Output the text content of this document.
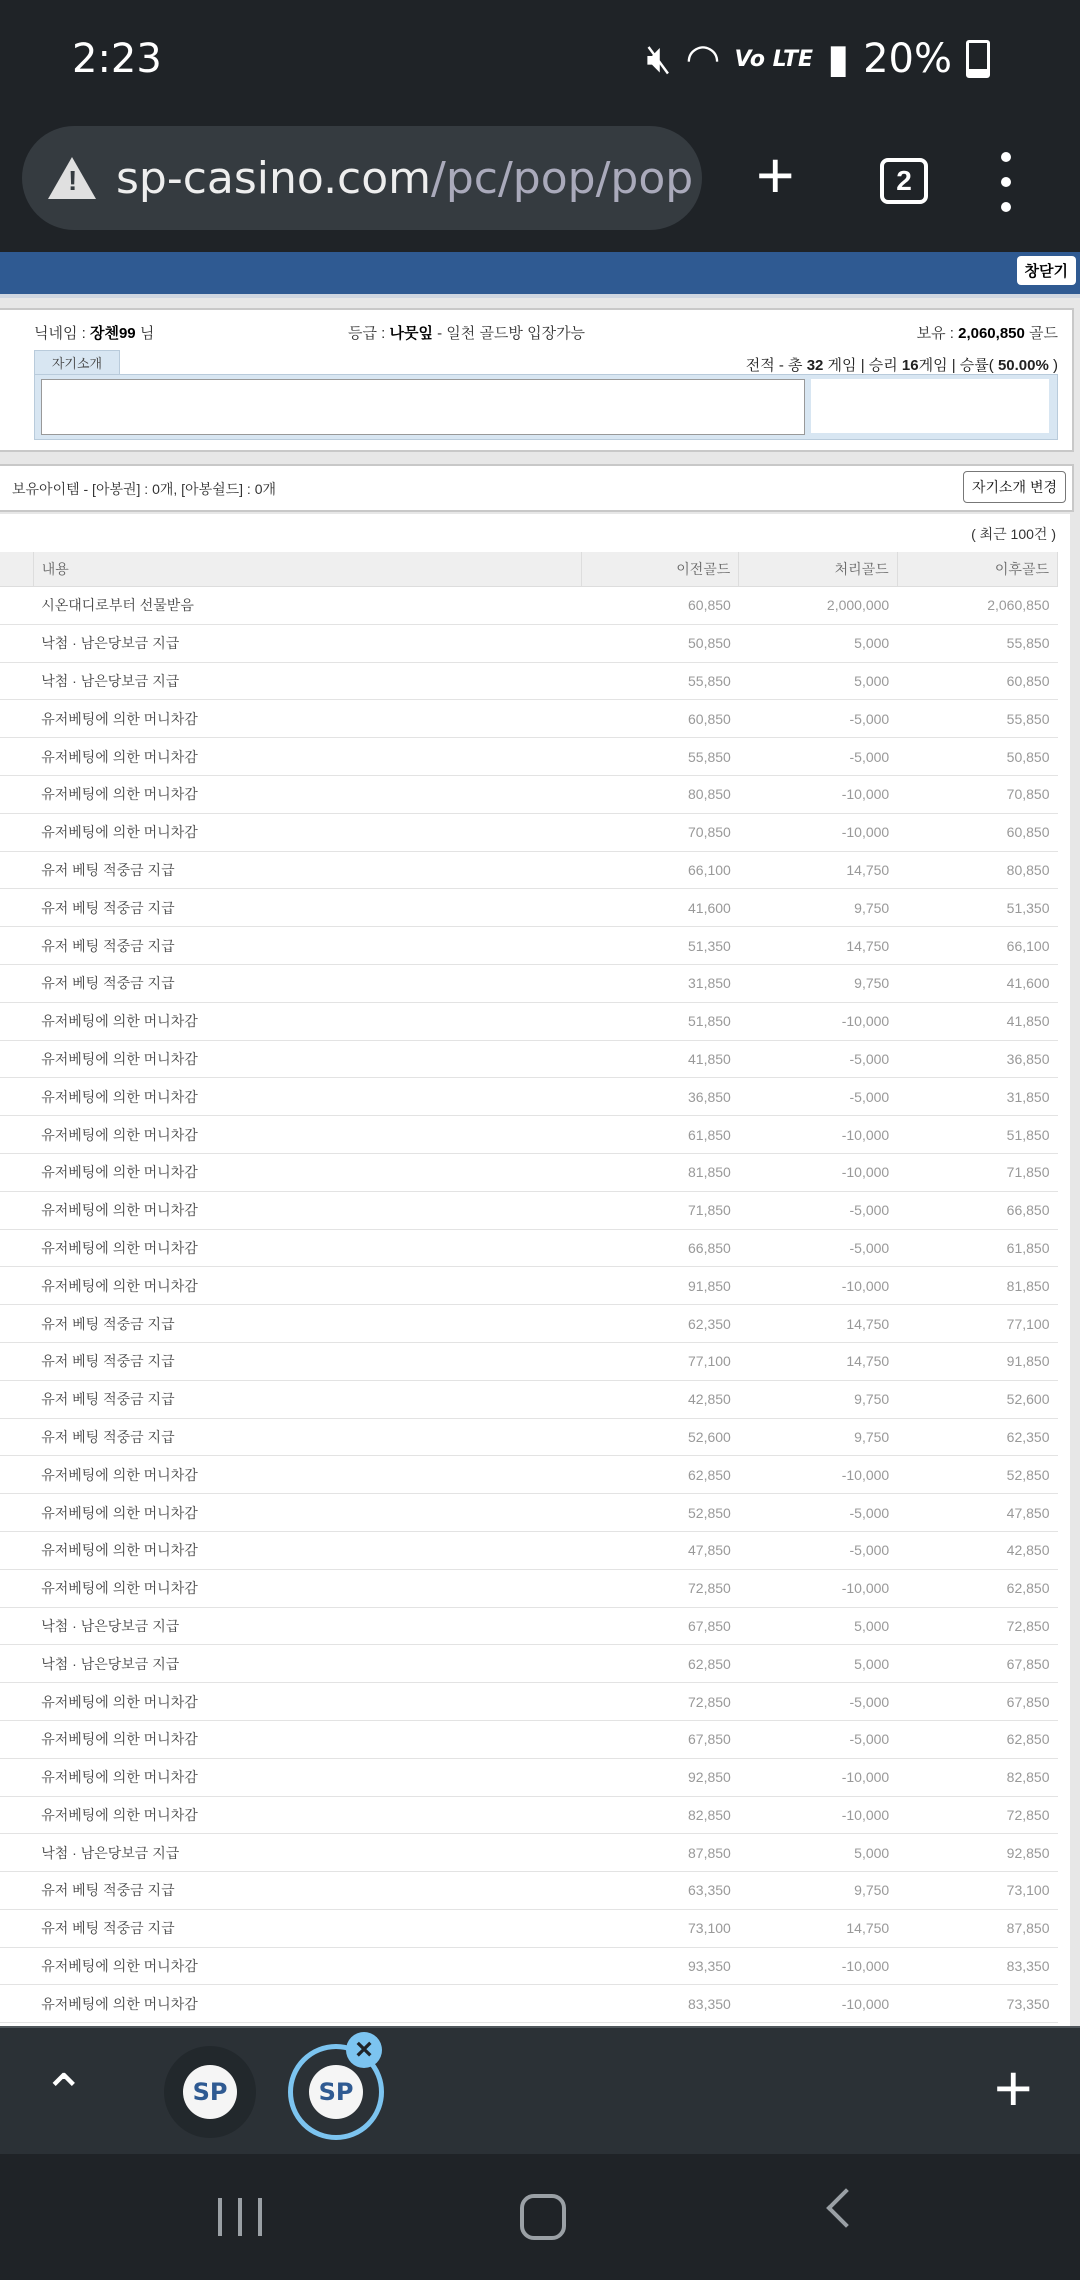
2:23	🔇︎ ◠ Vo LTE ▮ 20%
!
sp-casino.com/pc/pop/pop +	2
창닫기
닉네임 : 장첸99 님	등급 : 나뭇잎 - 일천 골드방 입장가능	보유 : 2,060,850 골드
자기소개	전적 - 총 32 게임 | 승리 16게임 | 승률( 50.00% )
보유아이템 - [아봉권] : 0개, [아봉쉴드] : 0개	자기소개 변경
( 최근 100건 )
	내용	이전골드	처리골드	이후골드
	시온대디로부터 선물받음	60,850	2,000,000	2,060,850
	낙첨 · 남은당보금 지급	50,850	5,000	55,850
	낙첨 · 남은당보금 지급	55,850	5,000	60,850
	유저베팅에 의한 머니차감	60,850	-5,000	55,850
	유저베팅에 의한 머니차감	55,850	-5,000	50,850
	유저베팅에 의한 머니차감	80,850	-10,000	70,850
	유저베팅에 의한 머니차감	70,850	-10,000	60,850
	유저 베팅 적중금 지급	66,100	14,750	80,850
	유저 베팅 적중금 지급	41,600	9,750	51,350
	유저 베팅 적중금 지급	51,350	14,750	66,100
	유저 베팅 적중금 지급	31,850	9,750	41,600
	유저베팅에 의한 머니차감	51,850	-10,000	41,850
	유저베팅에 의한 머니차감	41,850	-5,000	36,850
	유저베팅에 의한 머니차감	36,850	-5,000	31,850
	유저베팅에 의한 머니차감	61,850	-10,000	51,850
	유저베팅에 의한 머니차감	81,850	-10,000	71,850
	유저베팅에 의한 머니차감	71,850	-5,000	66,850
	유저베팅에 의한 머니차감	66,850	-5,000	61,850
	유저베팅에 의한 머니차감	91,850	-10,000	81,850
	유저 베팅 적중금 지급	62,350	14,750	77,100
	유저 베팅 적중금 지급	77,100	14,750	91,850
	유저 베팅 적중금 지급	42,850	9,750	52,600
	유저 베팅 적중금 지급	52,600	9,750	62,350
	유저베팅에 의한 머니차감	62,850	-10,000	52,850
	유저베팅에 의한 머니차감	52,850	-5,000	47,850
	유저베팅에 의한 머니차감	47,850	-5,000	42,850
	유저베팅에 의한 머니차감	72,850	-10,000	62,850
	낙첨 · 남은당보금 지급	67,850	5,000	72,850
	낙첨 · 남은당보금 지급	62,850	5,000	67,850
	유저베팅에 의한 머니차감	72,850	-5,000	67,850
	유저베팅에 의한 머니차감	67,850	-5,000	62,850
	유저베팅에 의한 머니차감	92,850	-10,000	82,850
	유저베팅에 의한 머니차감	82,850	-10,000	72,850
	낙첨 · 남은당보금 지급	87,850	5,000	92,850
	유저 베팅 적중금 지급	63,350	9,750	73,100
	유저 베팅 적중금 지급	73,100	14,750	87,850
	유저베팅에 의한 머니차감	93,350	-10,000	83,350
	유저베팅에 의한 머니차감	83,350	-10,000	73,350

⌃	SP	SP
×
+
